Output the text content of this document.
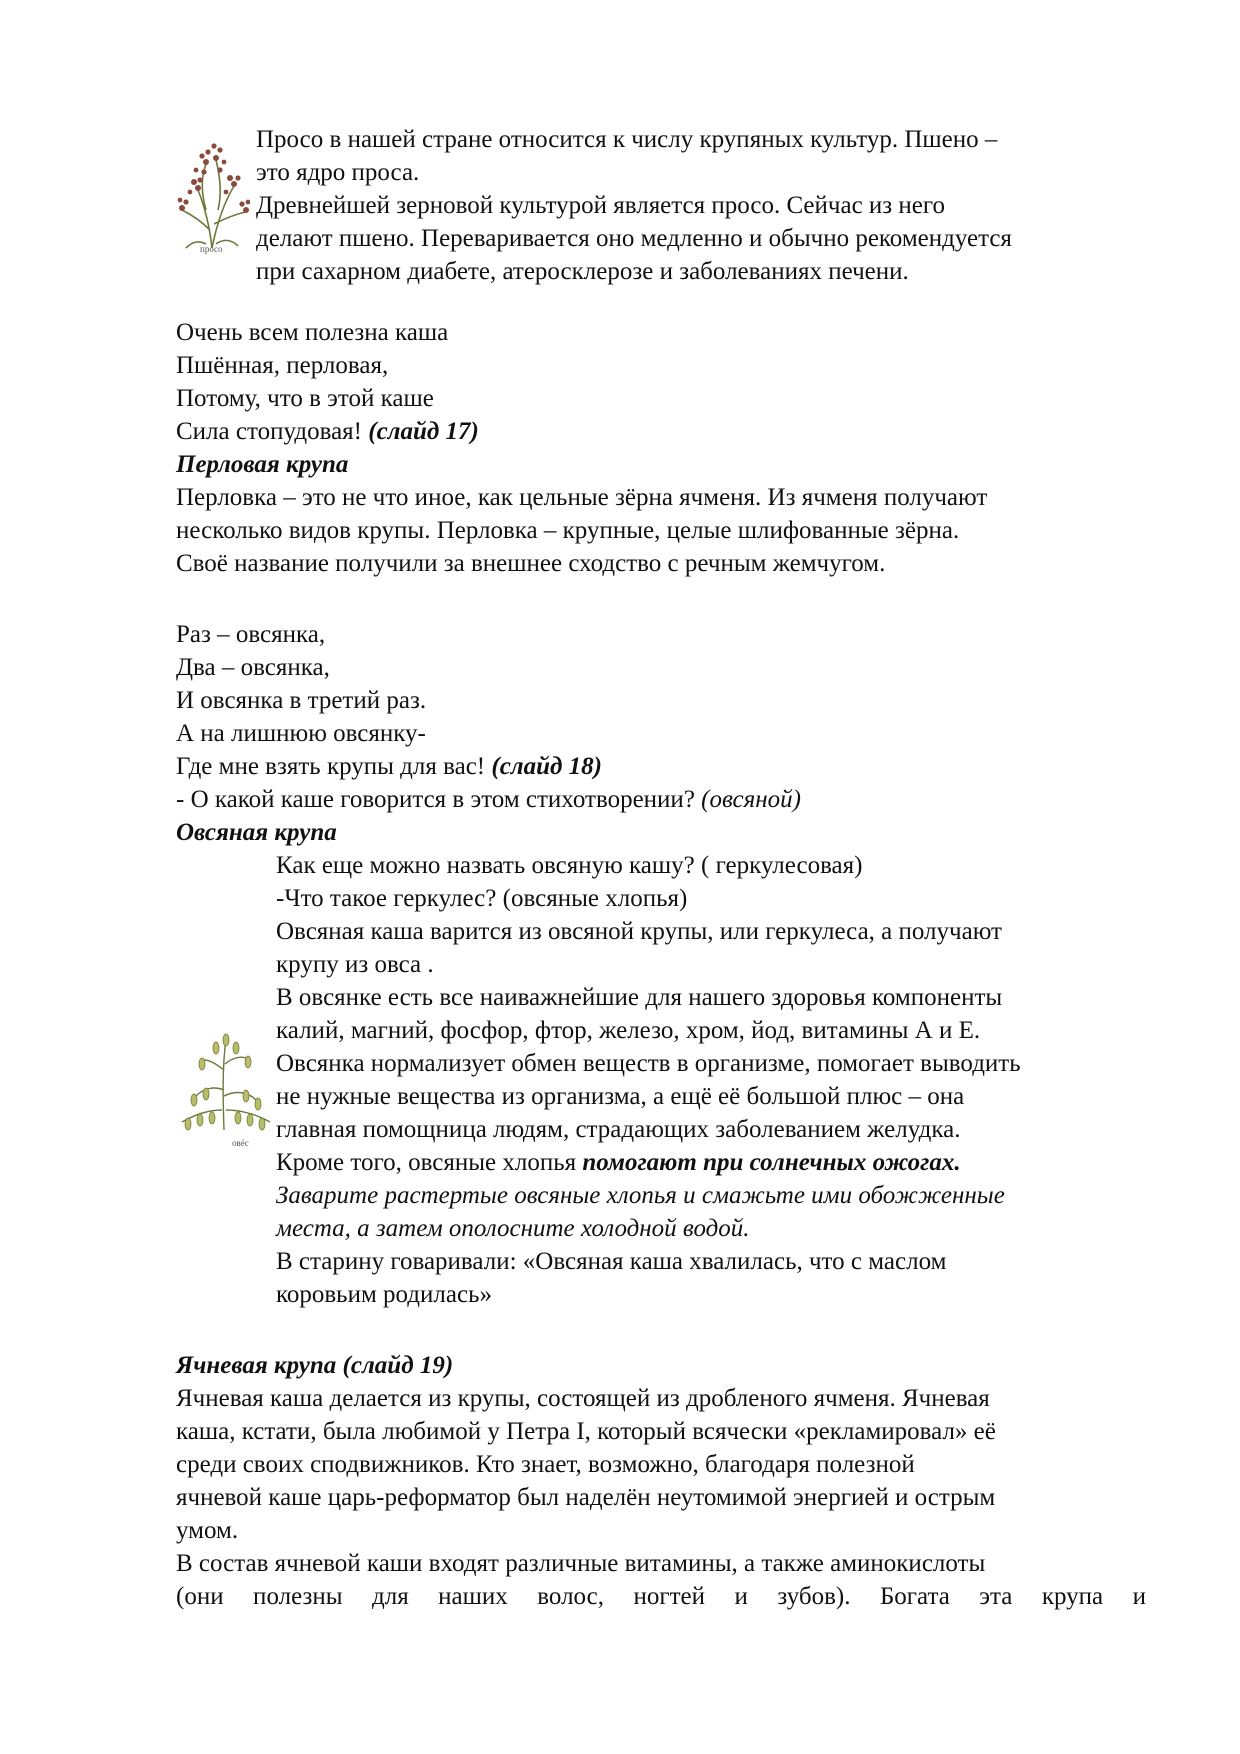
просо
Просо в нашей стране относится к числу крупяных культур. Пшено –
это ядро проса.
Древнейшей зерновой культурой является просо. Сейчас из него
делают пшено. Переваривается оно медленно и обычно рекомендуется
при сахарном диабете, атеросклерозе и заболеваниях печени.
Очень всем полезна каша
Пшённая, перловая,
Потому, что в этой каше
Сила стопудовая! (слайд 17)
Перловая крупа
Перловка – это не что иное, как цельные зёрна ячменя. Из ячменя получают
несколько видов крупы. Перловка – крупные, целые шлифованные зёрна.
Своё название получили за внешнее сходство с речным жемчугом.
Раз – овсянка,
Два – овсянка,
И овсянка в третий раз.
А на лишнюю овсянку-
Где мне взять крупы для вас! (слайд 18)
- О какой каше говорится в этом стихотворении? (овсяной)
Овсяная крупа
Как еще можно назвать овсяную кашу? ( геркулесовая)
-Что такое геркулес? (овсяные хлопья)
Овсяная каша варится из овсяной крупы, или геркулеса, а получают
крупу из овса .
В овсянке есть все наиважнейшие для нашего здоровья компоненты
калий, магний, фосфор, фтор, железо, хром, йод, витамины А и Е.
Овсянка нормализует обмен веществ в организме, помогает выводить
не нужные вещества из организма, а ещё её большой плюс – она
главная помощница людям, страдающих заболеванием желудка.
Кроме того, овсяные хлопья помогают при солнечных ожогах.
Заварите растертые овсяные хлопья и смажьте ими обожженные
места, а затем ополосните холодной водой.
В старину говаривали: «Овсяная каша хвалилась, что с маслом
коровьим родилась»
овёс
Ячневая крупа (слайд 19)
Ячневая каша делается из крупы, состоящей из дробленого ячменя. Ячневая
каша, кстати, была любимой у Петра I, который всячески «рекламировал» её
среди своих сподвижников. Кто знает, возможно, благодаря полезной
ячневой каше царь-реформатор был наделён неутомимой энергией и острым
умом.
В состав ячневой каши входят различные витамины, а также аминокислоты
(они полезны для наших волос, ногтей и зубов). Богата эта крупа и
